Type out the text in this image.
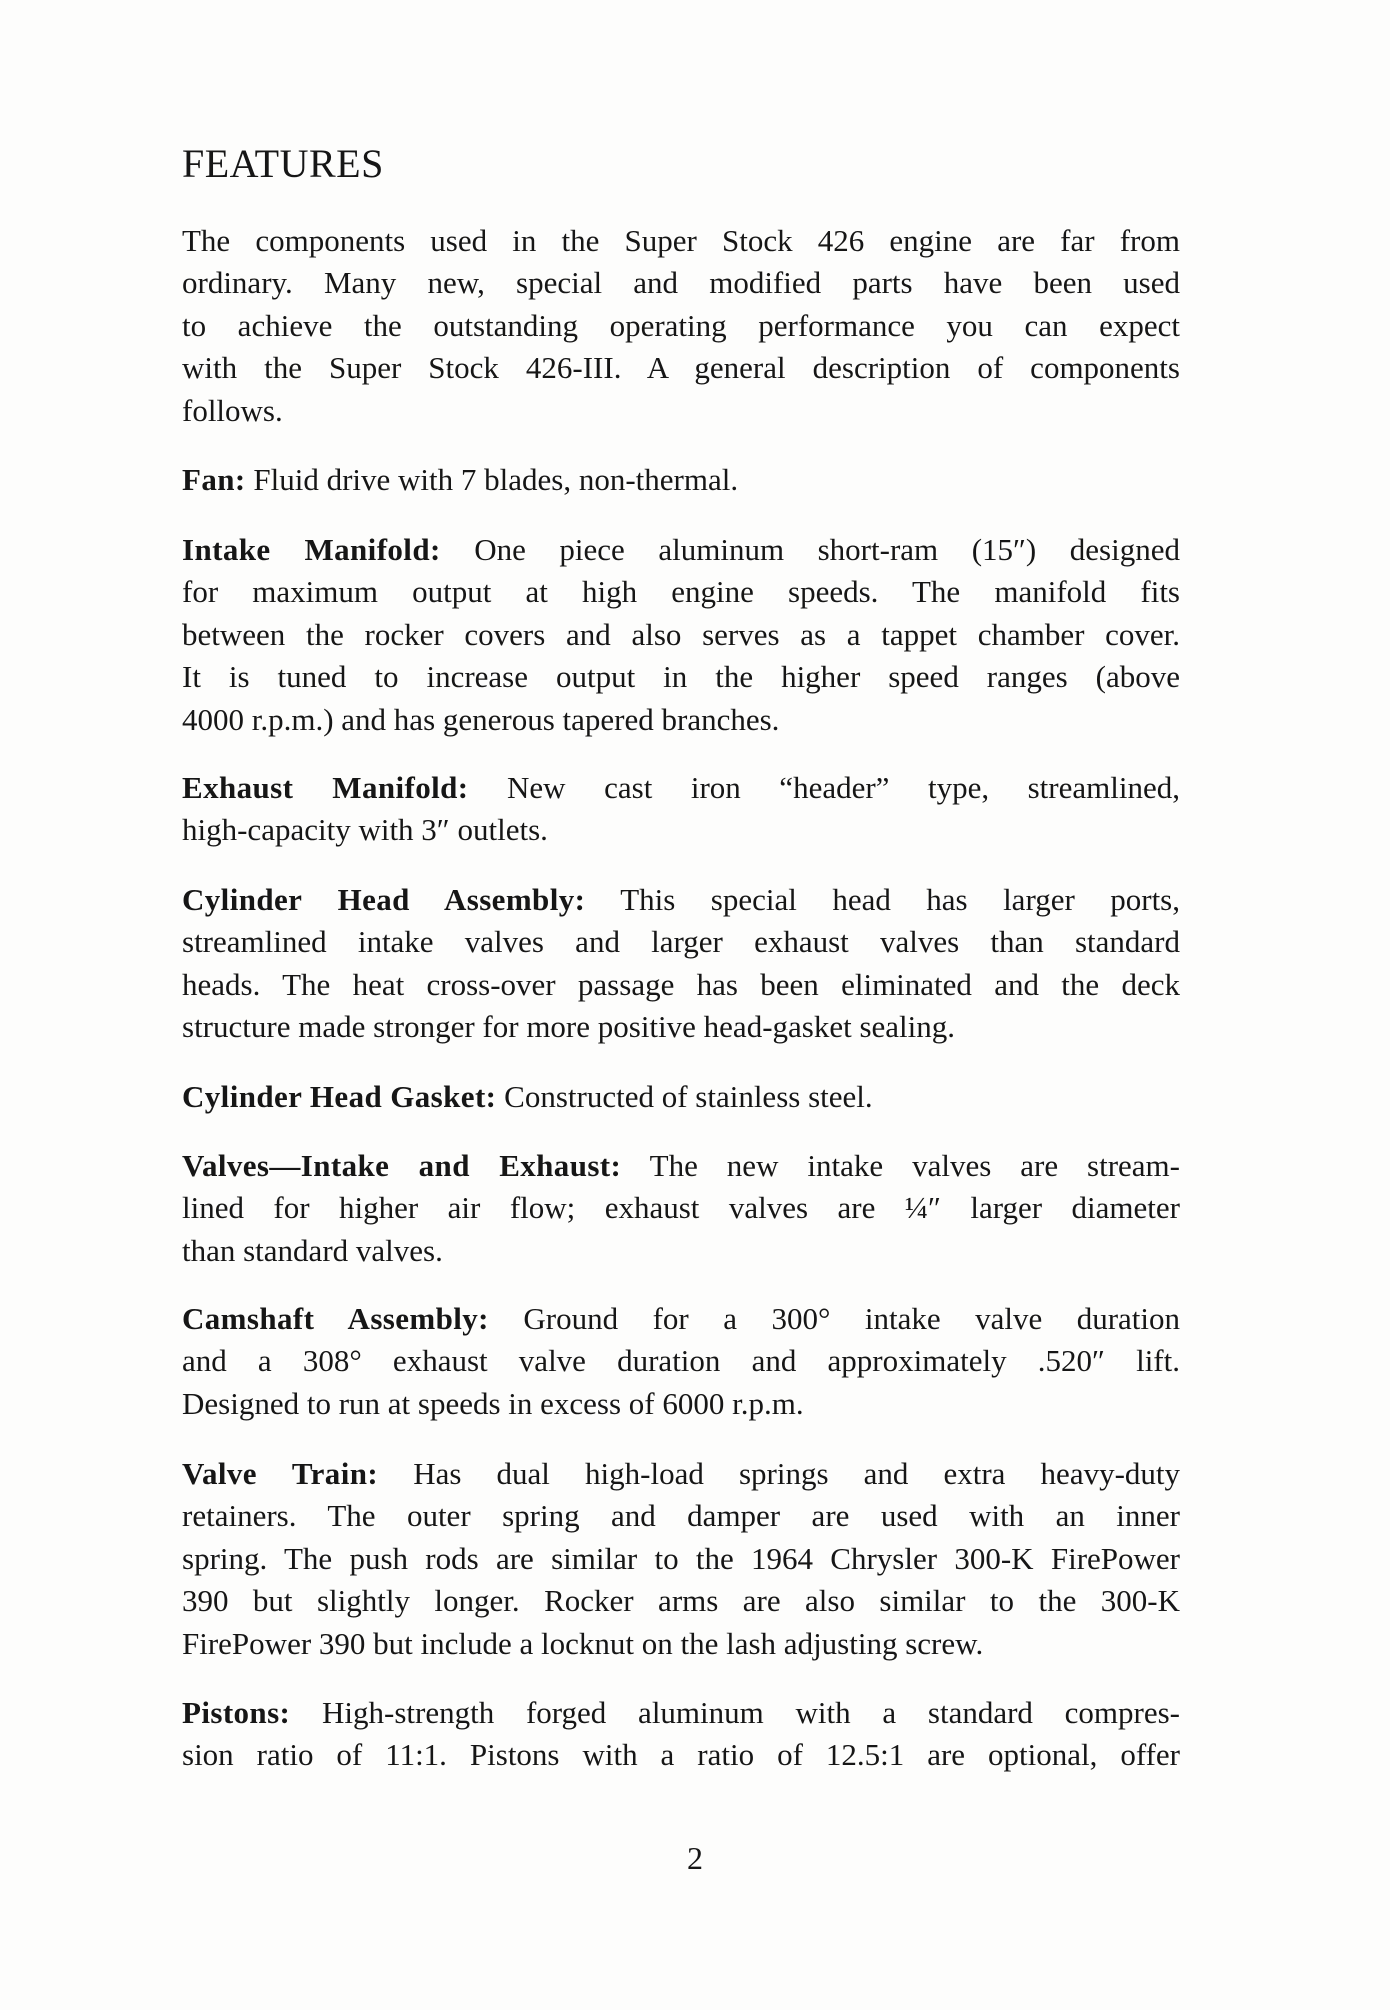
FEATURES
The components used in the Super Stock 426 engine are far from
ordinary. Many new, special and modified parts have been used
to achieve the outstanding operating performance you can expect
with the Super Stock 426-III. A general description of components
follows.
Fan: Fluid drive with 7 blades, non-thermal.
Intake Manifold: One piece aluminum short-ram (15″) designed
for maximum output at high engine speeds. The manifold fits
between the rocker covers and also serves as a tappet chamber cover.
It is tuned to increase output in the higher speed ranges (above
4000 r.p.m.) and has generous tapered branches.
Exhaust Manifold: New cast iron “header” type, streamlined,
high-capacity with 3″ outlets.
Cylinder Head Assembly: This special head has larger ports,
streamlined intake valves and larger exhaust valves than standard
heads. The heat cross-over passage has been eliminated and the deck
structure made stronger for more positive head-gasket sealing.
Cylinder Head Gasket: Constructed of stainless steel.
Valves—Intake and Exhaust: The new intake valves are stream-
lined for higher air flow; exhaust valves are ¼″ larger diameter
than standard valves.
Camshaft Assembly: Ground for a 300° intake valve duration
and a 308° exhaust valve duration and approximately .520″ lift.
Designed to run at speeds in excess of 6000 r.p.m.
Valve Train: Has dual high-load springs and extra heavy-duty
retainers. The outer spring and damper are used with an inner
spring. The push rods are similar to the 1964 Chrysler 300-K FirePower
390 but slightly longer. Rocker arms are also similar to the 300-K
FirePower 390 but include a locknut on the lash adjusting screw.
Pistons: High-strength forged aluminum with a standard compres-
sion ratio of 11:1. Pistons with a ratio of 12.5:1 are optional, offer
2
